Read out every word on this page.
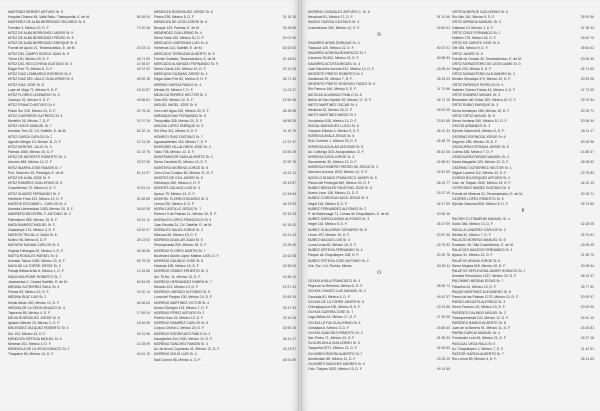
MARTINEZ BERNEY ARTURO Sr. 9
Hospital Chávez 84, Valle Bello, Tlalnepantla, E. de M.	56 48 04
MARTINEZ DE ALBA BERRONDO RICARDO Sr. 9
Fuentes 3, México 10, D. F.	73 20 45
MTEZ DE ALBA BERRONDO JAVIER Sr. 9
MTEZ DE ALBA BERRONDO PEDRO Sr. 9
MTEZ DE ALBA BERRONDO ENRIQUE Sr. 8
Fuente de Apolo 21, Tecamachalco, E. de M.	20 03 14
MTEZ DEL CAMPO ROSSO JUAN Sr. 9
Tierra 130, México 20, D. F.	48 71 99
MTEZ DEL RIO GOYENA GUSTAVO Sr. 3	10 08 87
Edgar Poe 70, México 5, D. F.	45 37 02
MTEZ DIAZ LOMBARDO RODRIGO Sr. 9
MTEZ DIAZ DEL VALLE GUILLERMO Sr. 5	45 69 18
MTEZ DIAZ JOSE Sr. 8
Lope de Vega 71, México 5, D. F.	15 20 87
MTEZ FLORES LEONARDO Sr. 5
Ocampo 31, México 5, D. F.	45 86 81
MTEZ FRANCO ARTURO Sr. 6
Prado Sur 315, México 10, D. F.	20 75 43
MTEZ GUERRERO ALFREDO Sr. 4
Medellín 26, México 7, D. F.	11 97 25
MTEZ HOICE MANUEL Sr. 7
Avenida Tres 22, Cd. Satélite, E. de M.	62 32 14
MTEZ GARZA CARLOS Sr. 2
Agustín Melgar 13, México 11, D. F.	12 31 28
MTEZ MONTIEL JULIO Sr. 3
Palmas 1080, México 10, D. F.	41 22 76
MTEZ DE NEGRETE ROBERTO Sr. 4
Amores 848, México 12, D. F.	23 57 06
MTEZ IBARRA JOSE RAMON Sr. 7
Prol. Guerrero 10, Pedregal, E. de M.	51 41 97
MTEZ DE ALBA JOSE Sr. 9
MTEZ RAMIREZ GUILLERMO Sr. 5
Cuauhtémoc 73, México 5, D. F.	20 81 24
MTEZ SUAREZ FERNANDO Sr. 3
Heriberto Frías 321, México 12, D. F.	30 46 89
MATEOS ESCOBAR L. CARLOS Sr. 4
Avenida Universidad 1453, México 20, D. F.	34 62 08
MARRERO BECERRIL F. ANTONIO Sr. 2
Patriotismo 555, México 19, D. F.	24 51 12
MATA RAMIREZ MIGUEL Sr. 3
Guadalupe 174, México 3, D. F.	18 52 07
MATEOS TRUJILLO JUAN Sr. 8
Molino 98, México 8, D. F.	28 13 92
MATHEW KANIAN CARLOS Sr. 5
Virginia Fábregas 32, México 4, D. F.	45 36 56
MATTA ROSALES RAFAEL Sr. 6
Avenida Toluca 1060, México 20, D. F.	55 79 33
MAYA DE LA TORRE JORGE Sr. 3
Pasaje Bellas Artes 8, México 1, D. F.	12 34 66
MAZA MAUPOME ROBERTO Sr. 7
Jacarandas 2, Ciudad Satélite, E. de M.	62 84 05
MEDINA GUTIERREZ RAUL Sr. 4
Fresas 59, México 12, D. F.	24 20 14
MEDINA RUIZ LUIS Sr. 2
Monte Albán 330, México 12, D. F.	44 56 63
MEDINA DE LA VEGA IGNACIO Sr. 3
Tapicería 85, México 4, D. F.	17 89 24
MEJIA RODRIGUEZ JORGE Sr. 8
Ignacio Allende 23, México 1, D. F.	18 46 95
MELENDEZ VAZQUEZ ROBERTO Sr. 4
Sur 103, México 13, D. F.	26 31 56
MENDOZA ORTEGA MIGUEL Sr. 6
Miramar 201, México 4, D. F.	14 28 99
MENDIOLA DE LA VEGA IGNACIO Sr. 3
Tiraquimo 80, México 14, D. F.	44 51 19
MENDOZA RODRIGUEZ JORGE Sr. 5
Platón 290, México 5, D. F.	31 18 18
MENDOZA DE LEON JORGE Sr. 6
Bosque 133, Palmas, E. de M.	25 28 85
MENENDEZ GUILLERMO Sr. 4
Sierra Vista 100, México 10, D. F.	20 01 96
MERCADO CARDENAS LUIS Sr. 8
Hortensia 114, Satélite, E. de M.	62 60 52
MERCADO TERRAZAS ALBERTO Sr. 5
Fuente Ovalada, Tecamachalco, E. de M.	20 18 81
MERCADO ALVARADO FERNANDO Sr. 9
Sierra Gorda 140, México 10, D. F.	20 12 08
MERCADO GUZMAN JORGE Sr. 2
Edgar Allan Poe 82, México 5, D. F.	45 71 36
MERINO GARCIA PABLO Sr. 4
Mérida 20, México 7, D. F.	11 03 27
MEZA GUTIERREZ HECTOR Sr. 2
Xola 400, México 12, D. F.	19 50 45
MIGUEL ANGEL JOSE Sr. 6
Cerro del Agua 150, México 20, D. F.	48 36 55
MIRANDA DIAZ FERNANDO Sr. 5
Tecoyotitla 328, México 20, D. F.	48 58 25
MOLINA LOPEZ ENRIQUE Sr. 3
Río Elba 311, México 5, D. F.	11 18 75
MONROY RUIZ GUSTAVO Sr. 7
Aguascalientes 115, México 7, D. F.	12 22 47
MONTAÑO VILLALOBOS JOSE Sr. 4
Tokio 708, México 12, D. F.	43 55 19
MONTEMAYOR SADA ALBERTO Sr. 2
Sierra Candela 92, México 10, D. F.	20 95 75
MONTERO MORENO JORGE Sr. 8
Cerro Dos Conejos 80, México 21, D. F.	44 02 11
MONTES DE OCA JAVIER Sr. 5
Heliotropo 180, México 4, D. F.	49 15 67
MONTES GALAVIZ LUIS Sr. 3
Ajusco 75, México 13, D. F.	10 34 54
MONTIEL FLORES RICARDO Sr. 5
Lerma 230, México 5, D. F.	46 23 90
MORA CASTILLO JESUS Sr. 7
Retorno 5 de Palmas 14, México 10, D. F.	20 15 33
MORALES LOPEZ FRANCISCO Sr. 8
Juan Escutia 24, Cd. Satélite, E. de M.	62 16 42
MORALES SALAS JORGE Sr. 3
Mixcoac 56, México 19, D. F.	63 21 43
MORENO AGUILAR JUAN Sr. 5
Pennsylvania 200, México 18, D. F.	23 39 40
MORENO FLORES MARTIN Sr. 7
Boulevard Adolfo López Mateos 1400, D. F.	24 62 58
MORENO GALINDO JOSE Sr. 8
Holanda 158, México 13, D. F.	24 96 03
MORENO GOMEZ ERNESTO Sr. 3
Sur 75 No. 11, México 13, D. F.	42 86 12
MORENO HERNANDEZ RUBEN Sr. 7
Nevado 101, México 13, D. F.	19 27 41
MORENO LIBRADO ALFONSO Sr. 9
Loma del Parque 130, México 10, D. F.	20 84 34
MORENO MARTINEZ VICTOR Sr. 4
Alvaro Obregón 113, México 7, D. F.	25 47 49
MORENO PEREZ ARTURO Sr. 2
Porfirio Díaz 19, México 12, D. F.	23 10 28
MORENO RAMIREZ CARLOS Sr. 5
Corpus Christi 1, México 20, D. F.	33 90 15
MORENO RODRIGUEZ PABLO Sr. 8
Insurgentes Sur 1000, México 12, D. F.	36 41 27
MORENO SANCHEZ RAMON Sr. 3
Av. de Arcos Coyoacán 41, México 12, D. F.	24 23 57
MORENO SOLIS LUIS Sr. 4
Sadi Carnot 58, México 4, D. F.	46 51 89
MORENO GONZALEZ ARTURO C. Sr. 5
Nezahual 81, México 17, D. F.	51 10 66
MUÑOZ GARCIA GUSTAVO Sr. 3
Cuauhtémoc 260, México 12, D. F.	33 80 61
N
NAVARRO ARIAS ENRIQUE Sr. 3
Tizayuca 120, México 21, D. F.	50 07 51
NAVARRO AGREDA BONIFACIO Sr. 3
Canarios 25-502, México 19, D. F.	63 58 53
NAVARRO ACOSTA MIGUEL Sr. 4
Juan Sánchez Azcona 512, México 12, D. F.	43 68 24
NEGRETE PRIETO ROBERTO Sr. 5
Zacatecas 92, México 7, D. F.	28 34 03
NEGRETE PRIETO RODRIGO TADEO Sr. 5
Río Panuco 160, México 5, D. F.	11 70 86
NICOLAS ALVARADO PABLO Sr. 8
Bahía de San Hipólito 52, México 17, D. F.	45 71 10
NIETO MARTINEZ OSCAR Sr. 4
Medicina 32, México 20, D. F.	49 53 25
NIETO MARTINEZ MARIO Sr. 6
Xochicalco 815, México 13, D. F.	23 81 68
NOGAL MAYAGUES LUCIO Sr. 6
Campos Elíseos 4, México 5, D. F.	45 12 34
NORIEGA AYALA JESUS Sr. 6
Ruiz Cortines 1, México 20, D. F.	45 48 79
NORIEGA AGUILAR ANTONIO Sr. 5
Av. Coltongo 318, Azcapotzalco, D. F.	56 42 08
NORIEGA SOSA JORGE Sr. 3
Sacramento 30, México 12, D. F.	24 58 91
NORIEGA ROMERO PEDRO DE JESUS Sr. 2
Sánchez Azcona 1515, México 12, D. F.	24 81 99
NOVELO BOADO FRANCISCO JAVIER Sr. 5
Paseo del Pedregal 460, México 20, D. F.	48 24 77
NUÑEZ BERALES FAUSTINO JOSE Sr. 5
Nuevo Leon 136, México 11, D. F.	15 37 19
NUÑEZ CORDOVA HUGO JESUS Sr. 9
Hegel 116, México 5, D. F.	45 27 59
NUÑEZ FERNANDEZ ALFONSO Sr. 2
P. de Balmesaga 71, Lomas de Chapultepec, E. de M.	20 65 16
NUÑEZ GARCIA ARIAS ALFONSO Sr. 3
Hegel 116, México 5, D. F.	45 27 59
NUÑEZ GUILLERMO GERARDO Sr. 8
Limón 49T, México 10, D. F.	20 87 36
NUÑEZ MACIAS LUIS Sr. 3
Loma Linda 60, México 18, D. F.	43 75 52
NUÑEZ ORTEGA FERNANDO Sr. 4
Parque de Chapultepec 108, D. F.	20 30 76
NUÑEZ ORTEGA JOSE ANTONIO Sr. 3
Orb. Sur, Col. Florida, México	63 90 11
O
OCHOA AYALA FRANCISCO Sr. 4
Playa de la Reforma, México 6, D. F.	28 55 72
OCHOA CHAVEZ LUIS MANUEL Sr. 2
Cascada 51, México 4, D. F.	49 42 37
OCHOA DE LA TORRE JAVIER Sr. 5
Chimalpopoca 135, México 8, D. F.	19 23 86
OCHOA GUERRA JOSE Sr. 7
Lago Atitlan 16, México 17, D. F.	27 30 05
OCHOA LEYVA GUILLERMO Sr. 4
Cintalapa 6, México 3, D. F.	18 68 60
OCHOA SANCHEZ ERNESTO Sr. 3
San Pedro 71, México 10, D. F.	51 55 30
OLGUIN AVILA GUILLERMO Sr. 5
Taxqueña 2071, México 21, D. F.	34 59 63
OLIVARES RIVERA ALBERTO Sr. 9
Amsterdam 88, México 11, D. F.	43 26 29
OLIVARES SANCHEZ ANDRES Sr. 4
Calz. Tlalpan 1820, México 13, D. F.	49 14 55
ORTEGA BERLIE GUILLERMO Sr. 5
Río Nilo 161, México 5, D. F.	25 91 96
ORTIZ ARRIAGA MANUEL Sr. 3
Galeana 13, México 1, D. F.	21 38 43
ORTIZ CRUZ FERNANDO Sr. 2
Holbein 175, México 18, D. F.	43 62 70
ORTIZ DE ZARATE JOSE Sr. 6
Ote 158, México 9, D. F.	45 64 62
ORTIZ JAVIER Sr. 5
Fuente de Gomas 30, Tecamachalco, E. de M.	20 06 30
ORTIZ MONASTERIO DE LEON JAIME Sr. 3
Hegel 233, México 5, D. F.	45 71 50
ORTIZ MONASTERIO ALEJANDRO Sr. 3
Montes Himalaya 370, México 10, D. F.	20 53 06
ORTIZ PAREDES PATRICIO Sr. 4
Valentín Gómez Farías 43, México 4, D. F.	47 72 05
ORTIZ RAMIREZ MIGUEL Sr. 3
Benavides del Ordaz 150, México 10, D. F.	23 70 94
ORTIZ RUBIO ENRIQUE Sr. 3
Sierra Amatepec 265, México 10, D. F.	20 25 71
ORTIZ ORTIZ MIGUEL Sr. 5
Sierra Ventana 340, México 10, D. F.	20 96 30
OSCOS ARMANDO Sr. 3
Ejército Nacional 8, México 5, D. F.	45 11 17
OSORNO ESPINOZA JORGE Sr. 6
Sagredo 289, México 19, D. F.	63 25 96
OSOGUERA ESTRADA JORGE Sr. 5
Colima 338, México 7, D. F.	14 88 37
OSSEGUERA FARIAS MANUEL Sr. 2
Santa Margarita 120, México 12, D. F.	36 08 52
OSORNIO GUTIERREZ HECTOR Sr. 1
Miguel Laurent 112, México 12, D. F.	23 75 83
OVIEDO BOJORQUEZ ARTURO Sr. 2
Calz. de Tlalpan 1542, México 13, D. F.	44 02 13
OYERVIDES IBAÑEZ GUSTAVO Sr. 5
Fuente de Minerva 31, Tecamachalco, E. de M.	20 26 71
OZORES LOPEZ ERNESTO Sr. 5
Ejército Nacional 505, México 5, D. F.	25 73 85
P
PACHECO OTAMENDI MANUEL Sr. 4
Sodio 346, México 13, D. F.	32 28 05
PADILLA LANDERO CARLOS Sr. 2
Mérida 32, México 7, D. F.	25 70 61
PALACIO MORENO MANUEL Sr. 5
Ecatepec 49, Villa Cuauhtémoc, E. de M.	43 06 29
PALACIOS MACEDO FERNANDO Sr. 3
Ajusco 31, México 13, D. F.	21 55 70
PALAFOX ARANA JORGE Sr. 6
Sierra Mojada 626, México 10, D. F.	20 08 64
PALAFOX SEPULVEDA JAVIER HORACIO Sr. 3
Avenida Revolución 1227, México 20, D. F.	48 24 37
PALOMINO MEDINA JESUS Sr. 7
Filósofos 51, México 13, D. F.	39 77 32
PAQUE MARTINEZ ALEJANDRO Sr. 5
Paseo de las Palmas 1270, México 10, D. F.	20 93 97
PARDO ARGUETA ALFREDO Sr. 3
Sierra Tezonco 19, México 10, D. F.	20 09 05
PAREDES GALINDO MIGUEL Sr. 2
Tlacoquemécatl 142, México 12, D. F.	24 81 10
PAREDES RAMOS ALBERTO Sr. 8
Juan de la Barrera 91, México 11, D. F.	15 25 81
PARRA GARCIA MANUEL Sr. 4
Fernández Leal 45, México 21, D. F.	49 27 18
PASCUAL VEGA RAUL Sr. 5
Av. Chapultepec 1, México 7, D. F.	11 42 51
PASTOR GARCIA ALBERTO Sr. 7
Río Lerma 89, México 5, D. F.	28 14 63
